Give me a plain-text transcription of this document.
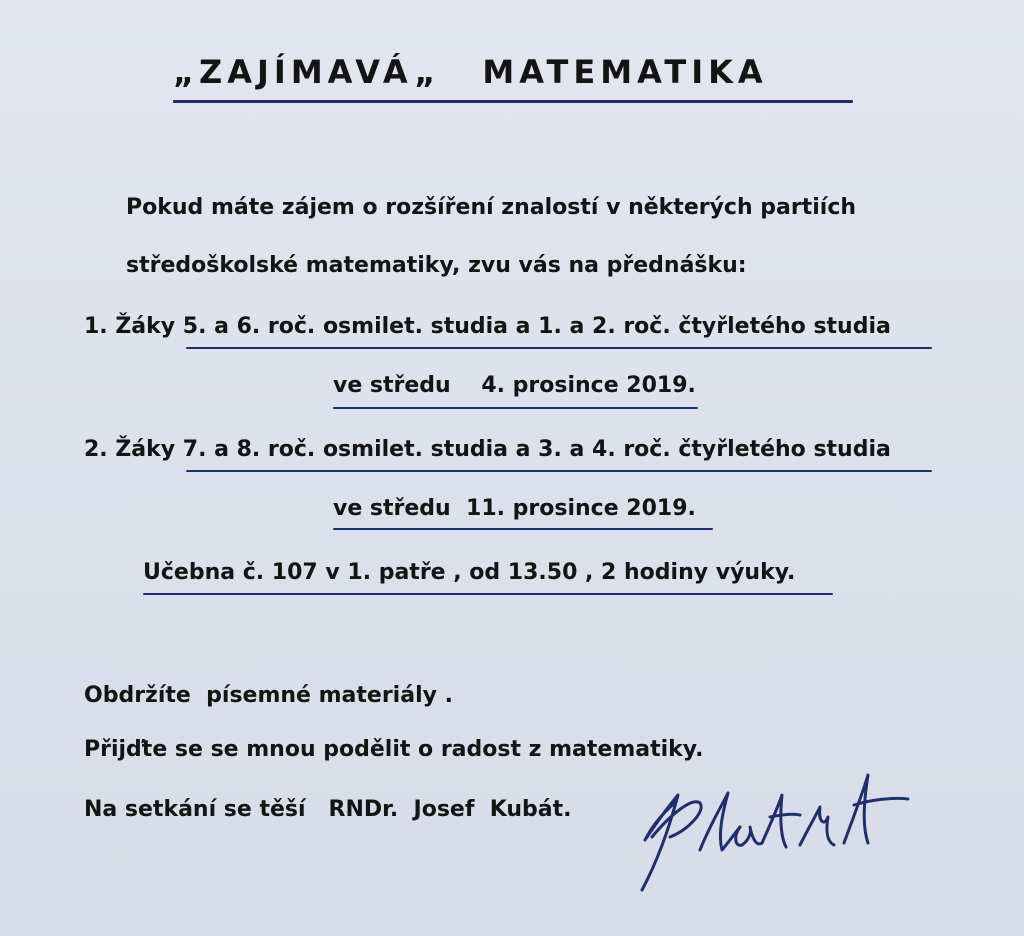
„ZAJÍMAVÁ„ MATEMATIKA
Pokud máte zájem o rozšíření znalostí v některých partiích
středoškolské matematiky, zvu vás na přednášku:
1. Žáky 5. a 6. roč. osmilet. studia a 1. a 2. roč. čtyřletého studia
ve středu    4. prosince 2019.
2. Žáky 7. a 8. roč. osmilet. studia a 3. a 4. roč. čtyřletého studia
ve středu  11. prosince 2019.
Učebna č. 107 v 1. patře , od 13.50 , 2 hodiny výuky.
Obdržíte  písemné materiály .
Přijďte se se mnou podělit o radost z matematiky.
Na setkání se těší   RNDr.  Josef  Kubát.
